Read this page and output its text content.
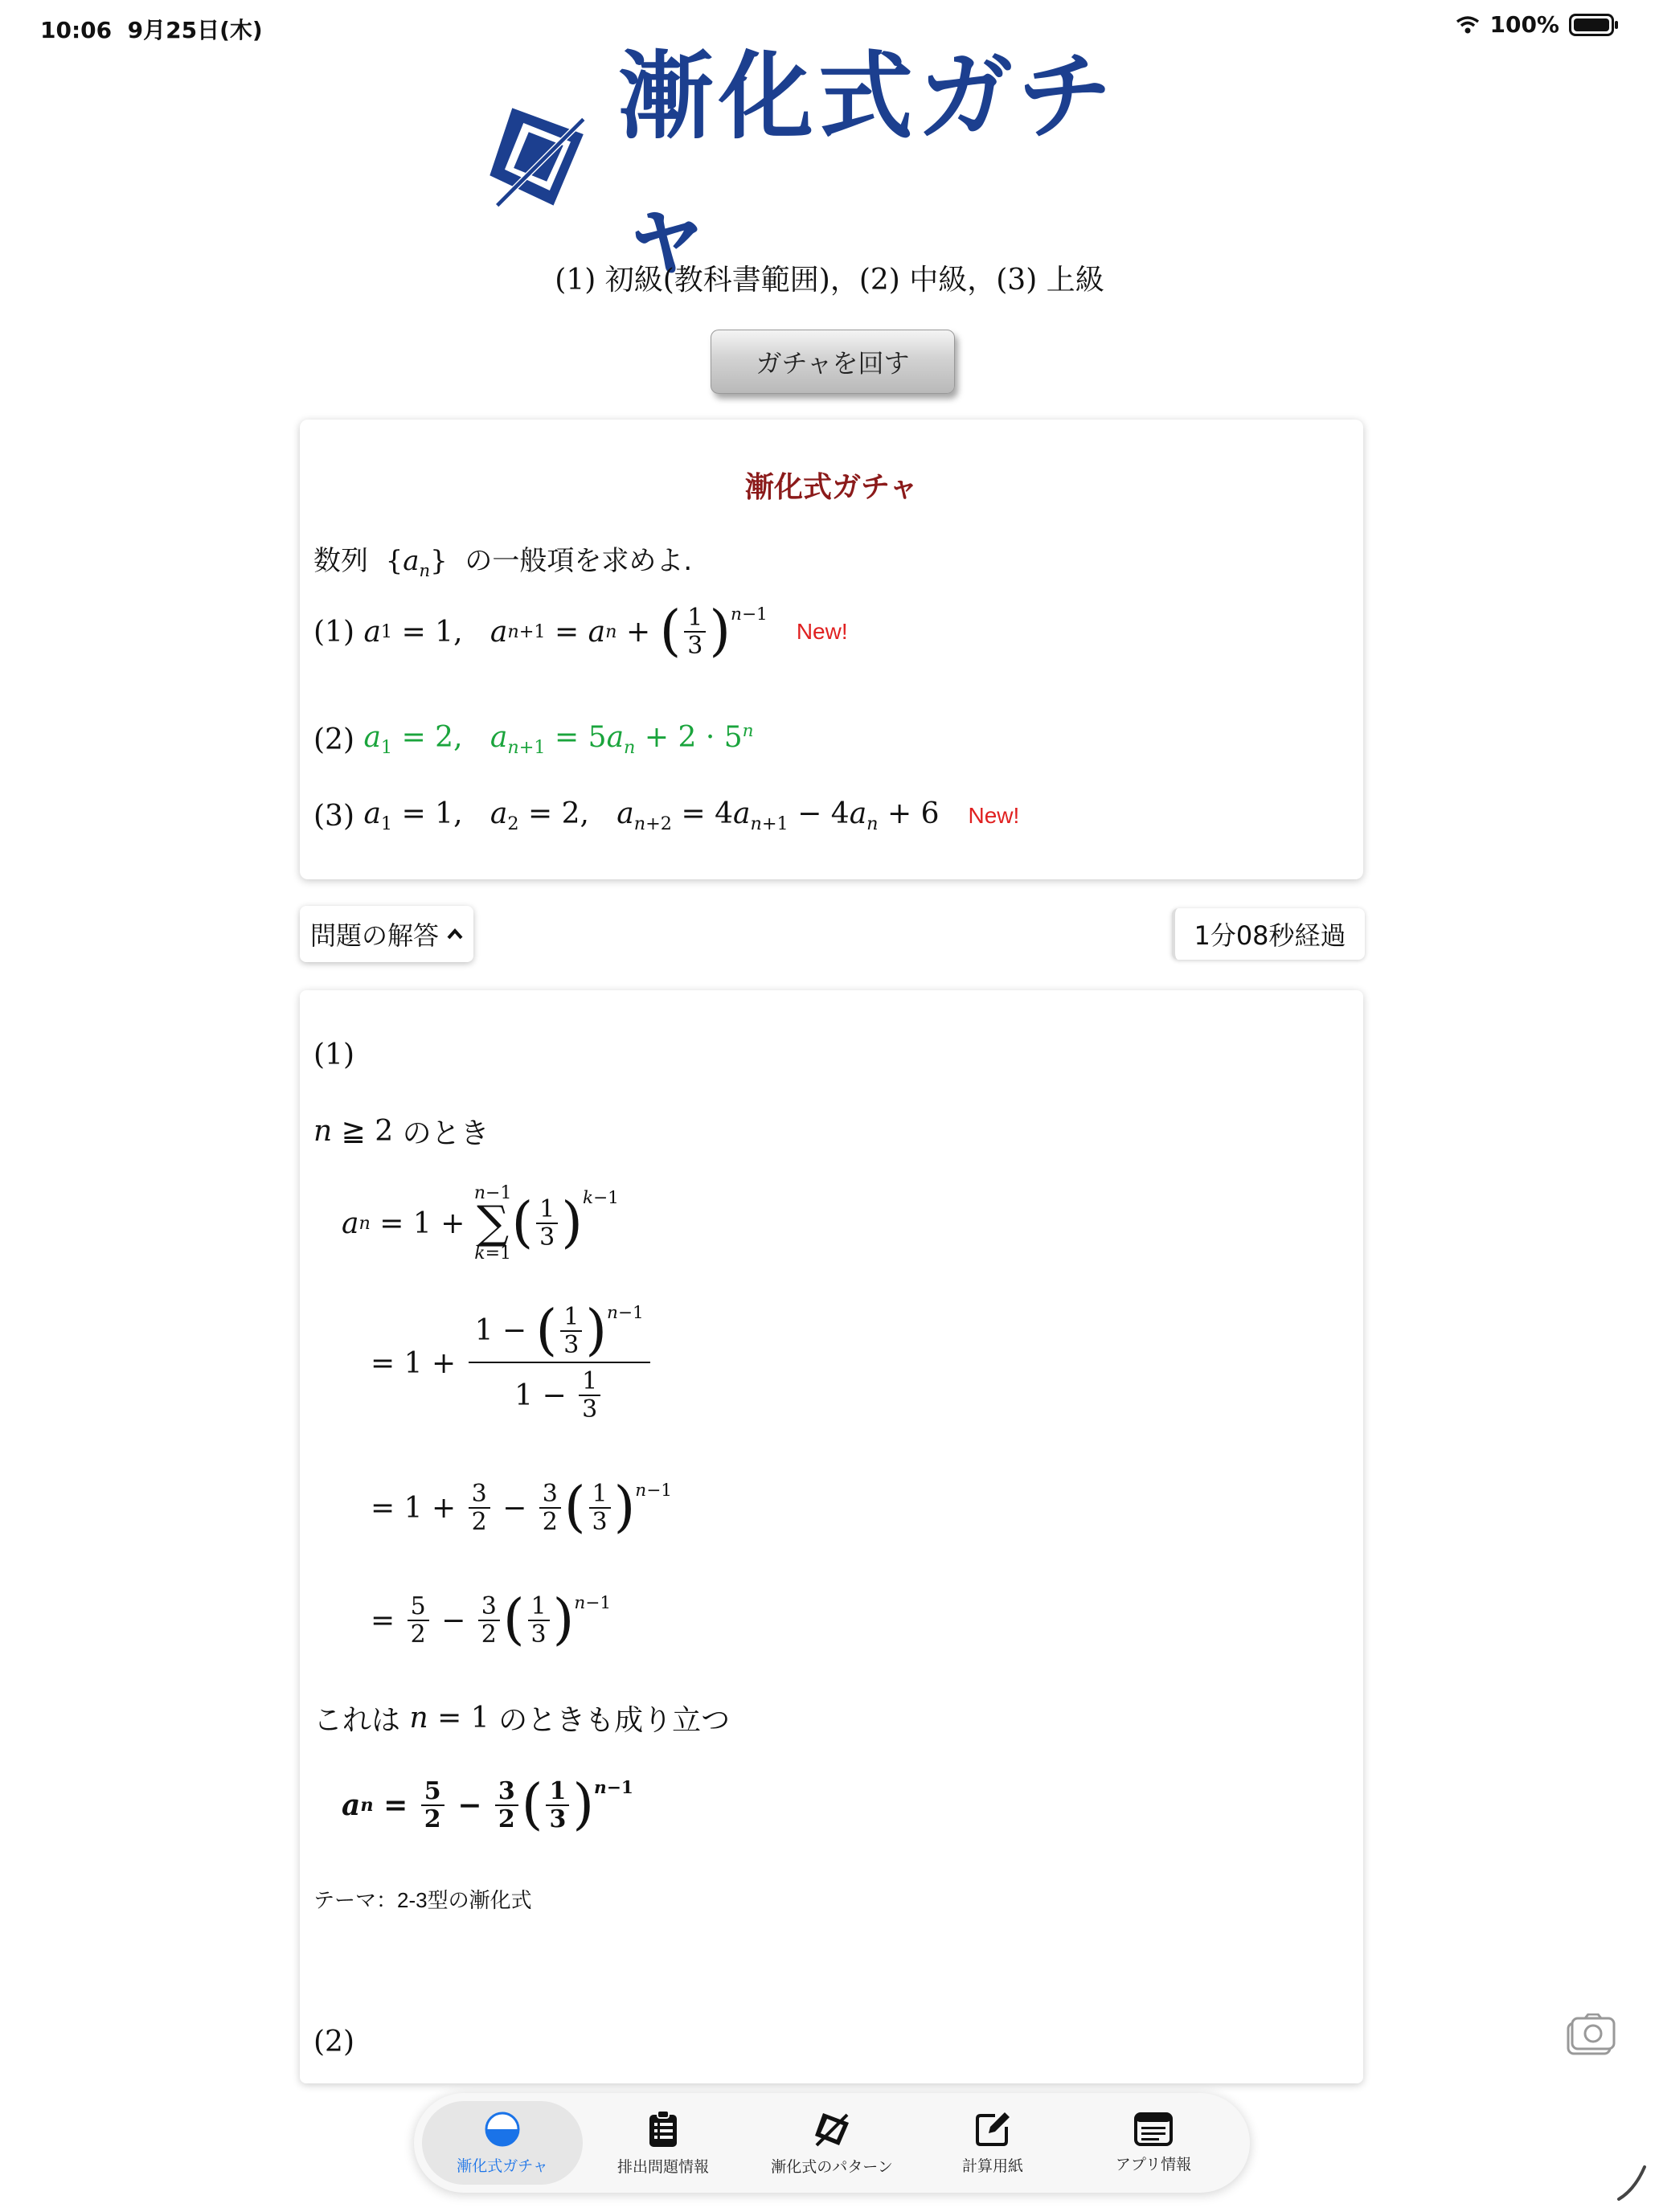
10:06 9月25日(木)	100%
漸化式ガチャ
(1) 初級(教科書範囲)，(2) 中級，(3) 上級
ガチャを回す
漸化式ガチャ
数列  $\{a_n\}$  の一般項を求めよ.
(1)
a 1 = 1, a n+1 = a n + ( $\frac{1}{3}$ ) $^{n-1}$
New!
(2)
$a_1 = 2$,   $a_{n+1} = 5a_n + 2 \cdot 5^n$
(3)
$a_1 = 1$,   $a_2 = 2$,   $a_{n+2} = 4a_{n+1} - 4a_n + 6$ New!
問題の解答	1分08秒経過
(1)
n ≧ 2 のとき
a n = 1 +
n−1
∑
k=1 ( $\frac{1}{3}$ ) $^{k-1}$
= $1 + \frac{1 - ( \frac{1}{3} ) ^{n-1}}{1 - \frac{1}{3}}$
= $1 + \frac{3}{2} - \frac{3}{2}$ ( $\frac{1}{3}$ ) $^{n-1}$
= $\frac{5}{2} - \frac{3}{2}$ ( $\frac{1}{3}$ ) $^{n-1}$
これは
n = 1 のときも成り立つ
a $n = \frac{5}{2} - \frac{3}{2}$ ( $\frac{1}{3}$ ) $^{n-1}$
テーマ：2-3型の漸化式
(2)
漸化式ガチャ	排出問題情報	漸化式のパターン	計算用紙	アプリ情報
